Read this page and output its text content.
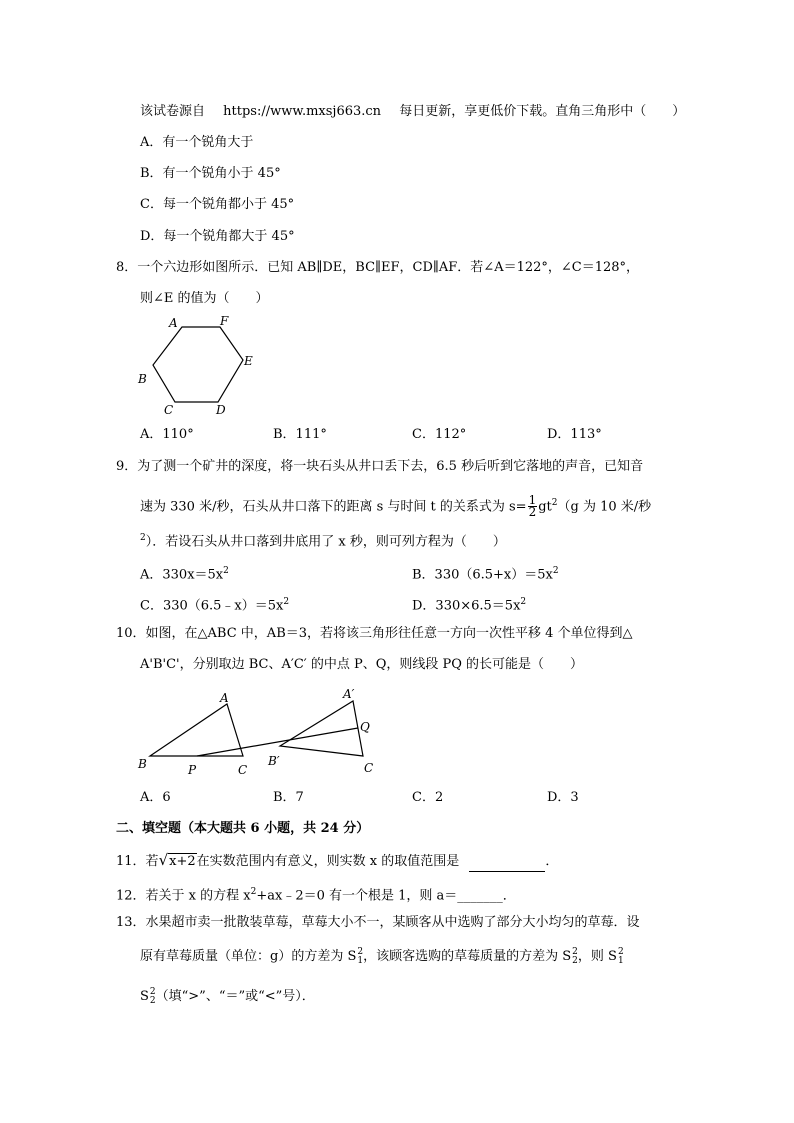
该试卷源自 https://www.mxsj663.cn 每日更新，享更低价下载。直角三角形中（　　）
A．有一个锐角大于
B．有一个锐角小于 45°
C．每一个锐角都小于 45°
D．每一个锐角都大于 45°
8．一个六边形如图所示．已知 AB∥DE，BC∥EF，CD∥AF．若∠A＝122°，∠C＝128°，
则∠E 的值为（　　）
A	F
E
B
C	D
A．110°	B．111°	C．112°	D．113°
9．为了测一个矿井的深度，将一块石头从井口丢下去，6.5 秒后听到它落地的声音，已知音
速为 330 米/秒，石头从井口落下的距离 s 与时间 t 的关系式为 $s= \frac{1}{2} gt^2(g$ 为 10 米/秒
$^2$）．若设石头从井口落到井底用了 x 秒，则可列方程为（　　）
A．$330x=5x^2$	B．$330(6.5+x)=5x^2$
C．$330(6.5﹣x)=5x^2$	D．$330\times 6.5=5x^2$
10．如图，在△ABC 中，AB＝3，若将该三角形往任意一方向一次性平移 4 个单位得到△
A'B'C'，分别取边 BC、A′C′ 的中点 P、Q，则线段 PQ 的长可能是（　　）
A
B	P	C
A′
Q
B′	C
A．6	B．7	C．2	D．3
二、填空题（本大题共 6 小题，共 24 分）
11．若√x+2在实数范围内有意义，则实数 x 的取值范围是	．
12．若关于 x 的方程 $x^2+ax﹣2=0$ 有一个根是 1，则 a＝_______．
13．水果超市卖一批散装草莓，草莓大小不一，某顾客从中选购了部分大小均匀的草莓．设
原有草莓质量（单位：g）的方差为 S 2
1 ，该顾客选购的草莓质量的方差为 S 2
2 ，则 S 2
1
S 2
2 （填“>”、“＝”或“<”号）．
